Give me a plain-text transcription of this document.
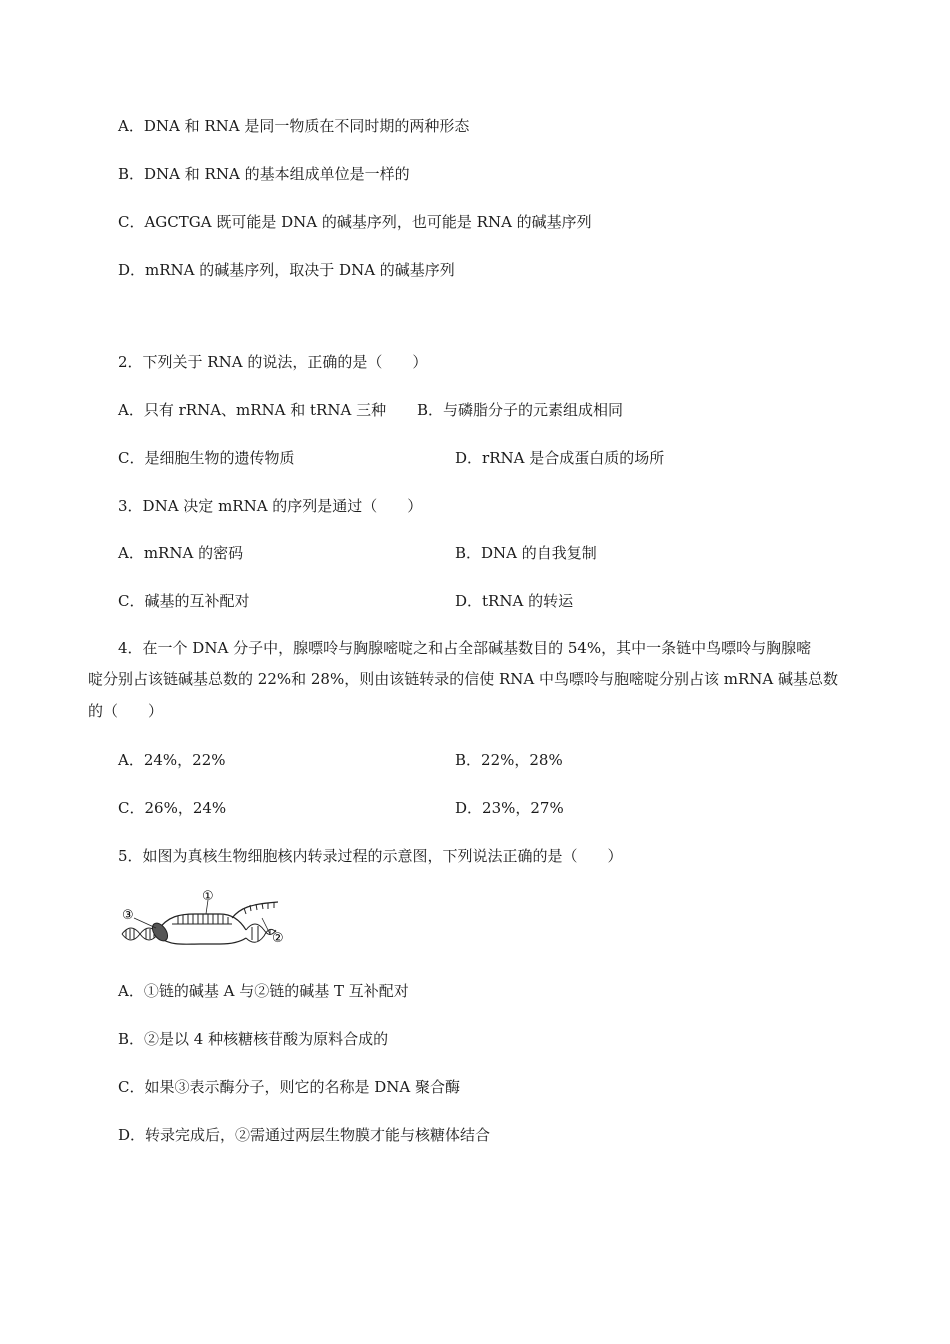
A．DNA 和 RNA 是同一物质在不同时期的两种形态
B．DNA 和 RNA 的基本组成单位是一样的
C．AGCTGA 既可能是 DNA 的碱基序列，也可能是 RNA 的碱基序列
D．mRNA 的碱基序列，取决于 DNA 的碱基序列
2．下列关于 RNA 的说法，正确的是（　　）
A．只有 rRNA、mRNA 和 tRNA 三种 B．与磷脂分子的元素组成相同
C．是细胞生物的遗传物质	D．rRNA 是合成蛋白质的场所
3．DNA 决定 mRNA 的序列是通过（　　）
A．mRNA 的密码	B．DNA 的自我复制
C．碱基的互补配对	D．tRNA 的转运
4．在一个 DNA 分子中，腺嘌呤与胸腺嘧啶之和占全部碱基数目的 54%，其中一条链中鸟嘌呤与胸腺嘧
啶分别占该链碱基总数的 22%和 28%，则由该链转录的信使 RNA 中鸟嘌呤与胞嘧啶分别占该 mRNA 碱基总数
的（　　）
A．24%，22%	B．22%，28%
C．26%，24%	D．23%，27%
5．如图为真核生物细胞核内转录过程的示意图，下列说法正确的是（　　）
①
③
②
A．①链的碱基 A 与②链的碱基 T 互补配对
B．②是以 4 种核糖核苷酸为原料合成的
C．如果③表示酶分子，则它的名称是 DNA 聚合酶
D．转录完成后，②需通过两层生物膜才能与核糖体结合
